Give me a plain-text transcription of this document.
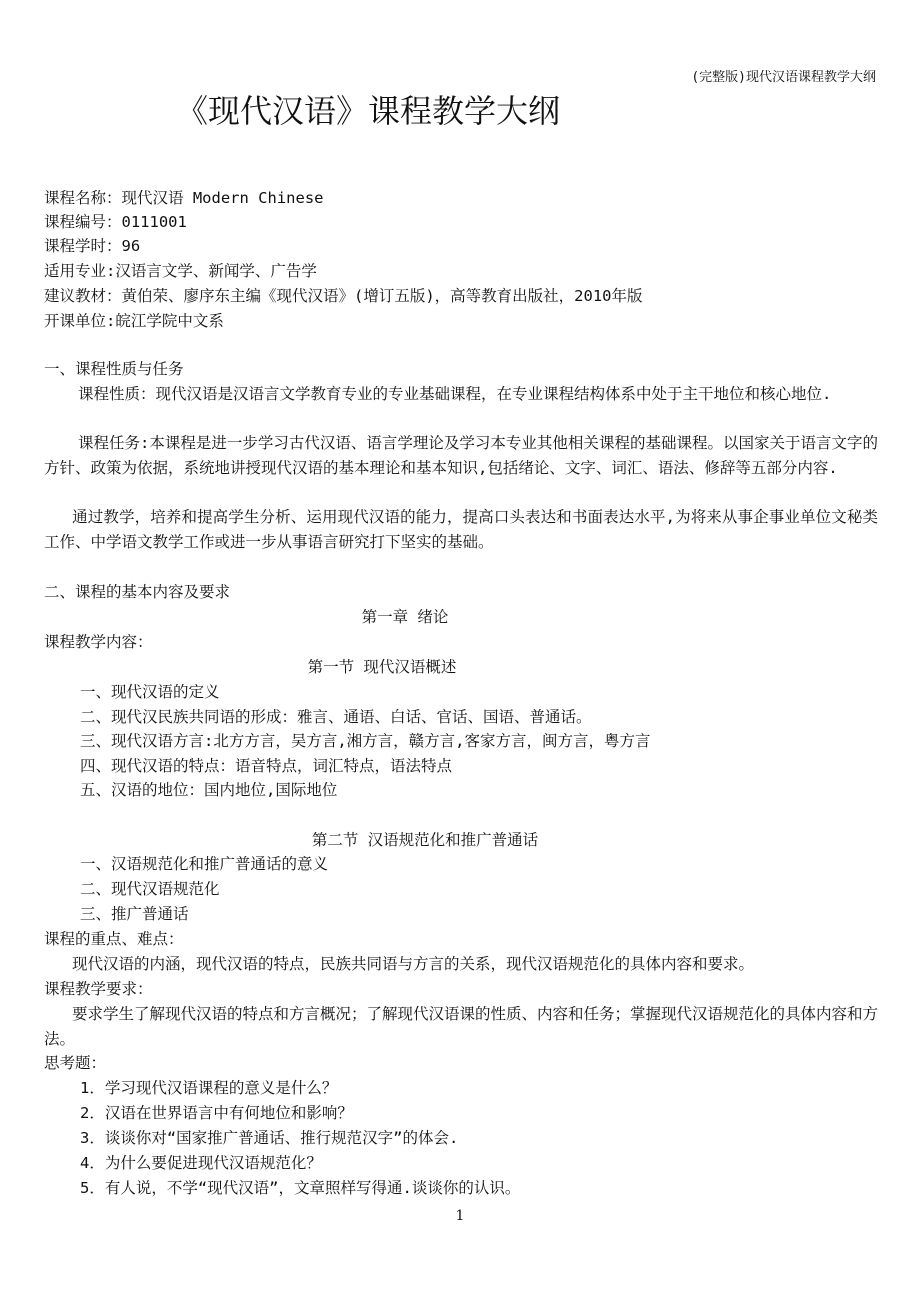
(完整版)现代汉语课程教学大纲
《现代汉语》课程教学大纲
课程名称：现代汉语 Modern Chinese
课程编号：0111001
课程学时：96
适用专业:汉语言文学、新闻学、广告学
建议教材：黄伯荣、廖序东主编《现代汉语》(增订五版)，高等教育出版社，2010年版
开课单位:皖江学院中文系
一、课程性质与任务
课程性质：现代汉语是汉语言文学教育专业的专业基础课程，在专业课程结构体系中处于主干地位和核心地位.
课程任务:本课程是进一步学习古代汉语、语言学理论及学习本专业其他相关课程的基础课程。以国家关于语言文字的方针、政策为依据，系统地讲授现代汉语的基本理论和基本知识,包括绪论、文字、词汇、语法、修辞等五部分内容.
通过教学，培养和提高学生分析、运用现代汉语的能力，提高口头表达和书面表达水平,为将来从事企事业单位文秘类工作、中学语文教学工作或进一步从事语言研究打下坚实的基础。
二、课程的基本内容及要求
第一章 绪论
课程教学内容：
第一节 现代汉语概述
一、现代汉语的定义
二、现代汉民族共同语的形成：雅言、通语、白话、官话、国语、普通话。
三、现代汉语方言:北方方言，吴方言,湘方言，赣方言,客家方言，闽方言，粤方言
四、现代汉语的特点：语音特点，词汇特点，语法特点
五、汉语的地位：国内地位,国际地位
第二节 汉语规范化和推广普通话
一、汉语规范化和推广普通话的意义
二、现代汉语规范化
三、推广普通话
课程的重点、难点：
现代汉语的内涵，现代汉语的特点，民族共同语与方言的关系，现代汉语规范化的具体内容和要求。
课程教学要求：
要求学生了解现代汉语的特点和方言概况；了解现代汉语课的性质、内容和任务；掌握现代汉语规范化的具体内容和方法。
思考题：
1．学习现代汉语课程的意义是什么？
2．汉语在世界语言中有何地位和影响？
3．谈谈你对“国家推广普通话、推行规范汉字”的体会.
4．为什么要促进现代汉语规范化？
5．有人说，不学“现代汉语”，文章照样写得通.谈谈你的认识。
1
